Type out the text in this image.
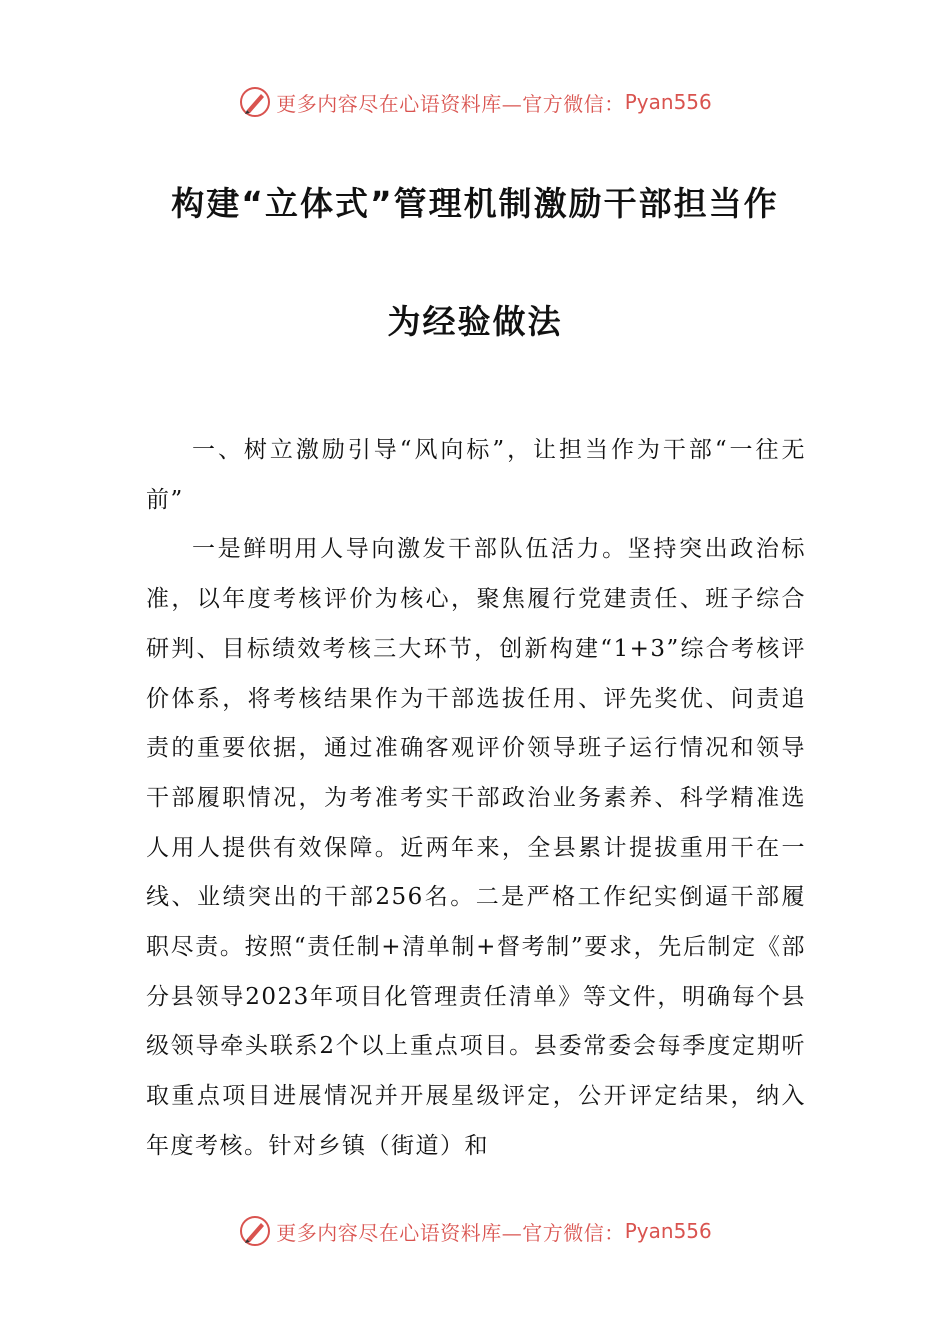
更多内容尽在心语资料库—官方微信： Pyan556
构建“立体式”管理机制激励干部担当作
为经验做法

一、树立激励引导“风向标”，让担当作为干部“一往无前”

一是鲜明用人导向激发干部队伍活力。坚持突出政治标准，以年度考核评价为核心，聚焦履行党建责任、班子综合研判、目标绩效考核三大环节，创新构建“1+3”综合考核评价体系，将考核结果作为干部选拔任用、评先奖优、问责追责的重要依据，通过准确客观评价领导班子运行情况和领导干部履职情况，为考准考实干部政治业务素养、科学精准选人用人提供有效保障。近两年来，全县累计提拔重用干在一线、业绩突出的干部256名。二是严格工作纪实倒逼干部履职尽责。按照“责任制+清单制+督考制”要求，先后制定《部分县领导2023年项目化管理责任清单》等文件，明确每个县级领导牵头联系2个以上重点项目。县委常委会每季度定期听取重点项目进展情况并开展星级评定，公开评定结果，纳入年度考核。针对乡镇（街道）和

更多内容尽在心语资料库—官方微信： Pyan556
